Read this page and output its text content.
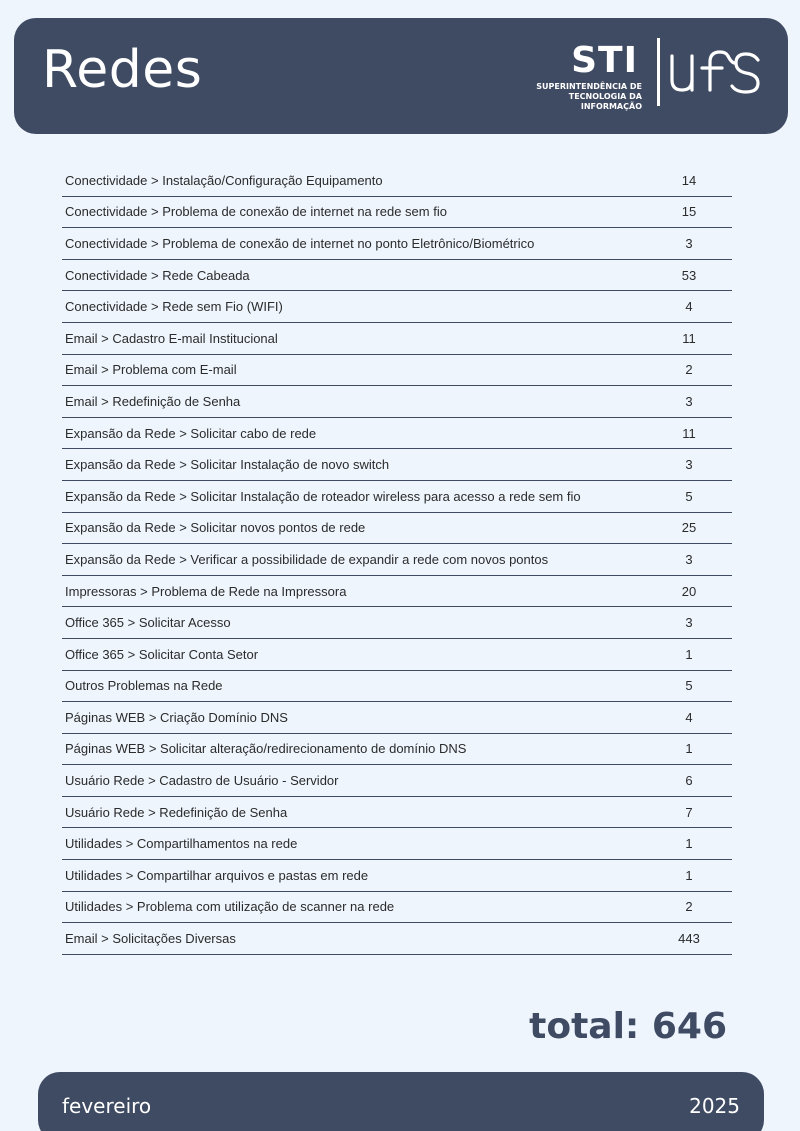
Redes	STI
SUPERINTENDÊNCIA DE
TECNOLOGIA DA INFORMAÇÃO
Conectividade > Instalação/Configuração Equipamento	14
Conectividade > Problema de conexão de internet na rede sem fio	15
Conectividade > Problema de conexão de internet no ponto Eletrônico/Biométrico	3
Conectividade > Rede Cabeada	53
Conectividade > Rede sem Fio (WIFI)	4
Email > Cadastro E-mail Institucional	11
Email > Problema com E-mail	2
Email > Redefinição de Senha	3
Expansão da Rede > Solicitar cabo de rede	11
Expansão da Rede > Solicitar Instalação de novo switch	3
Expansão da Rede > Solicitar Instalação de roteador wireless para acesso a rede sem fio	5
Expansão da Rede > Solicitar novos pontos de rede	25
Expansão da Rede > Verificar a possibilidade de expandir a rede com novos pontos	3
Impressoras > Problema de Rede na Impressora	20
Office 365 > Solicitar Acesso	3
Office 365 > Solicitar Conta Setor	1
Outros Problemas na Rede	5
Páginas WEB > Criação Domínio DNS	4
Páginas WEB > Solicitar alteração/redirecionamento de domínio DNS	1
Usuário Rede > Cadastro de Usuário - Servidor	6
Usuário Rede > Redefinição de Senha	7
Utilidades > Compartilhamentos na rede	1
Utilidades > Compartilhar arquivos e pastas em rede	1
Utilidades > Problema com utilização de scanner na rede	2
Email > Solicitações Diversas	443
total: 646
fevereiro	2025
